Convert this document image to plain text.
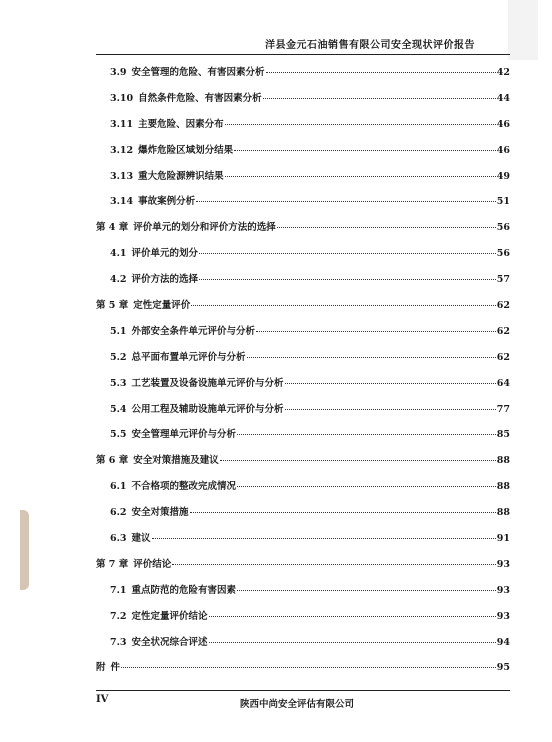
洋县金元石油销售有限公司安全现状评价报告
3.9 安全管理的危险、有害因素分析	42
3.10 自然条件危险、有害因素分析	44
3.11 主要危险、因素分布	46
3.12 爆炸危险区域划分结果	46
3.13 重大危险源辨识结果	49
3.14 事故案例分析	51
第 4 章 评价单元的划分和评价方法的选择	56
4.1 评价单元的划分	56
4.2 评价方法的选择	57
第 5 章 定性定量评价	62
5.1 外部安全条件单元评价与分析	62
5.2 总平面布置单元评价与分析	62
5.3 工艺装置及设备设施单元评价与分析	64
5.4 公用工程及辅助设施单元评价与分析	77
5.5 安全管理单元评价与分析	85
第 6 章 安全对策措施及建议	88
6.1 不合格项的整改完成情况	88
6.2 安全对策措施	88
6.3 建议	91
第 7 章 评价结论	93
7.1 重点防范的危险有害因素	93
7.2 定性定量评价结论	93
7.3 安全状况综合评述	94
附 件	95
IV	陕西中尚安全评估有限公司
